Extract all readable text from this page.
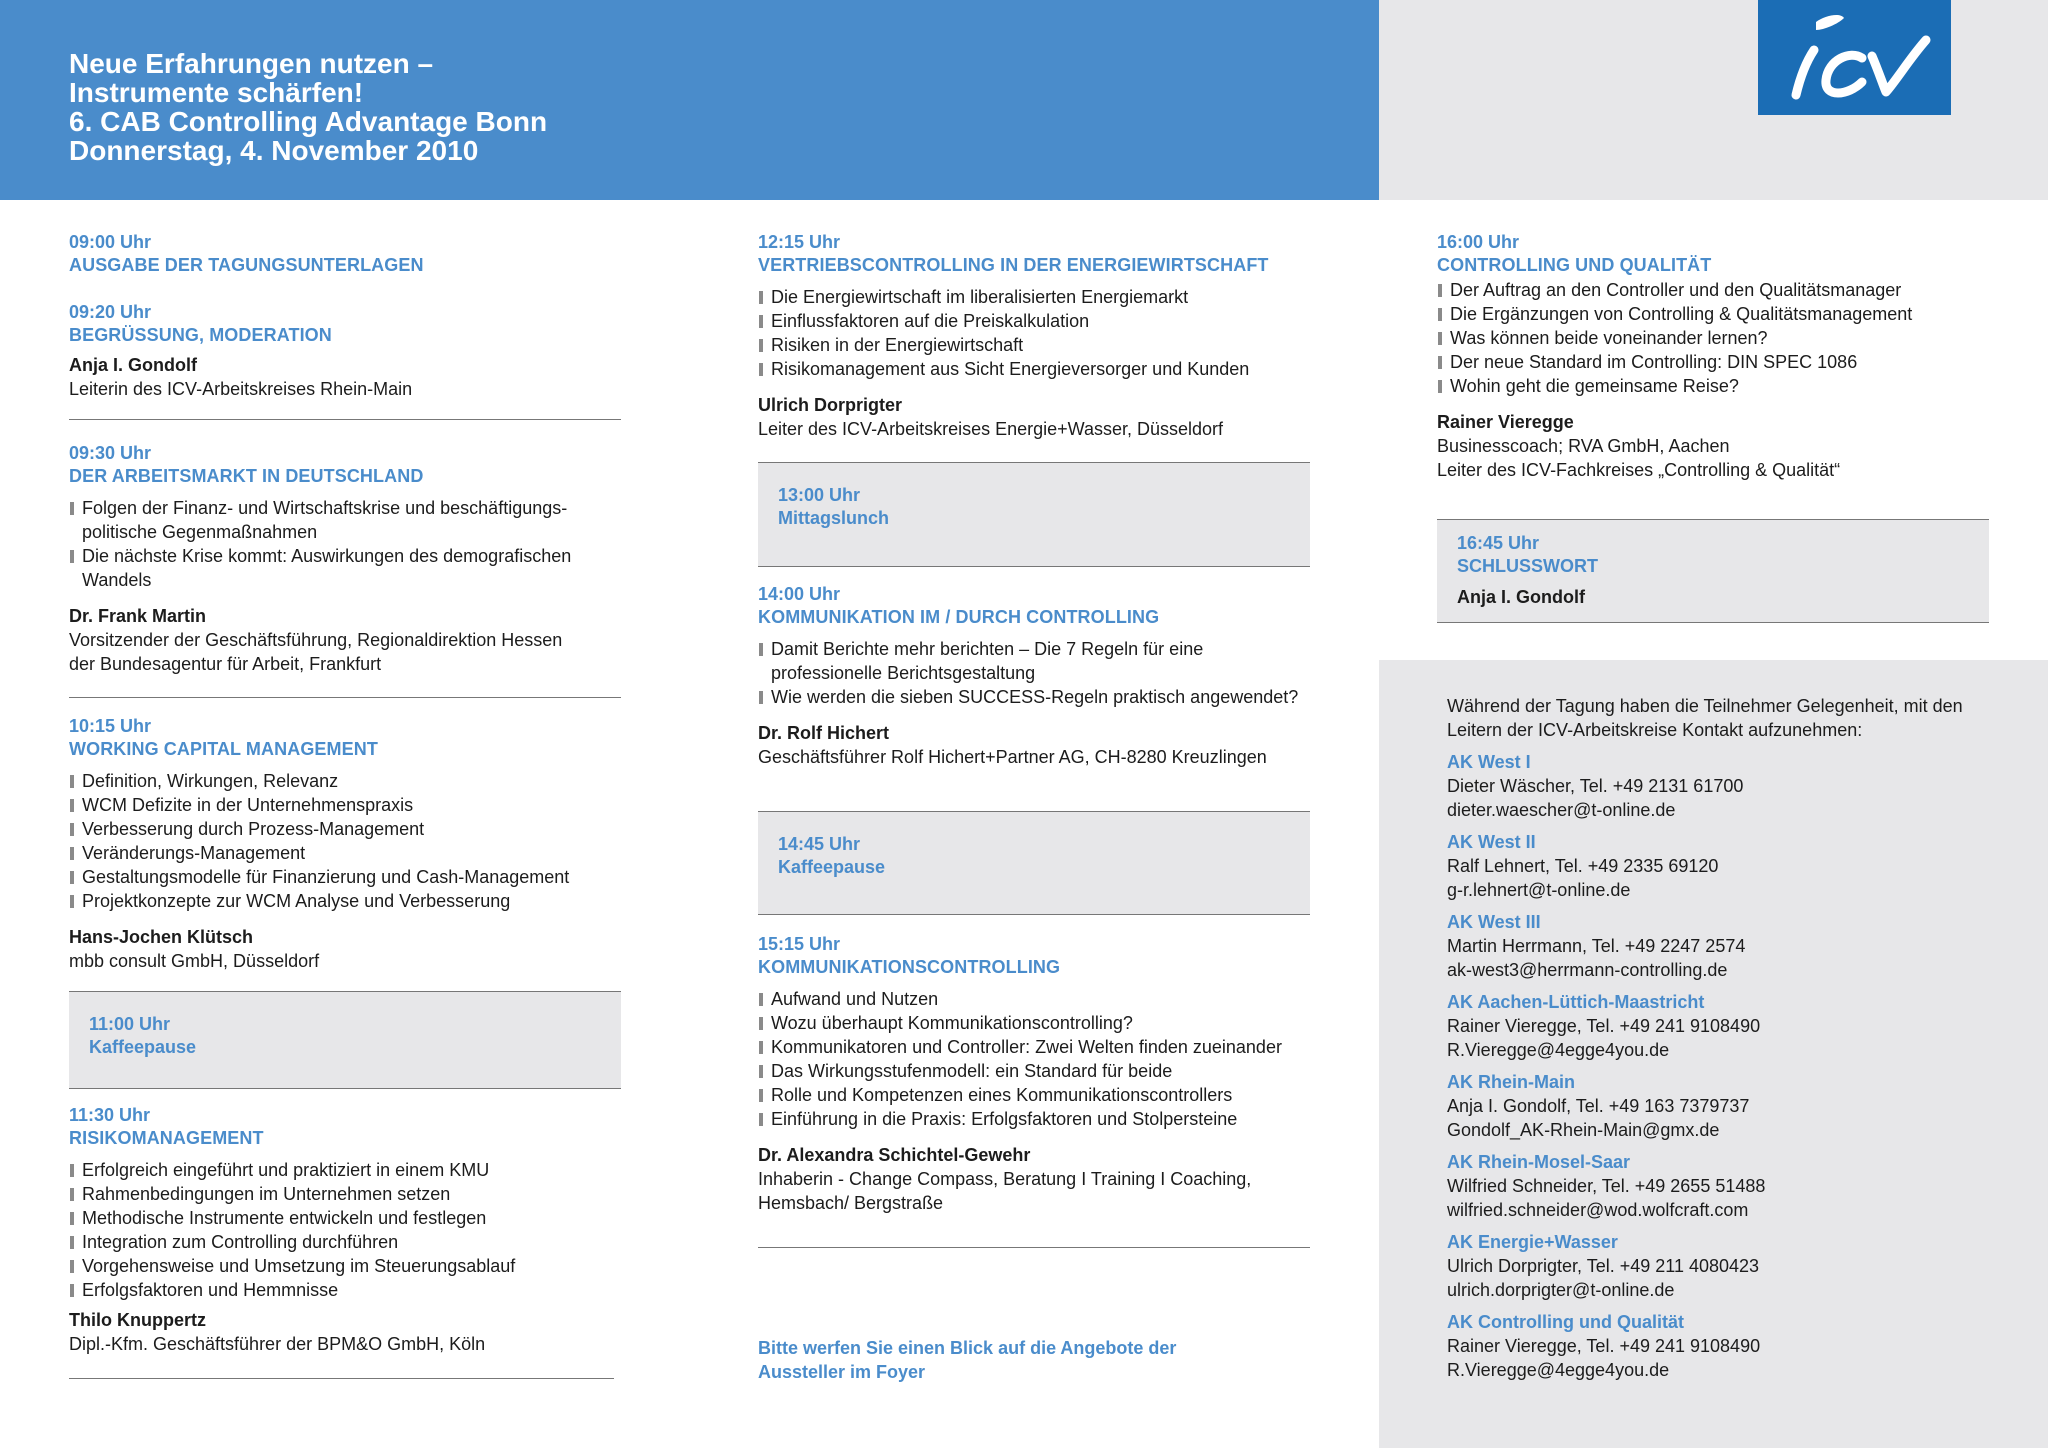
Neue Erfahrungen nutzen –
Instrumente schärfen!
6. CAB Controlling Advantage Bonn
Donnerstag, 4. November 2010
09:00 Uhr
AUSGABE DER TAGUNGSUNTERLAGEN
09:20 Uhr
BEGRÜSSUNG, MODERATION
Anja I. Gondolf
Leiterin des ICV-Arbeitskreises Rhein-Main
09:30 Uhr
DER ARBEITSMARKT IN DEUTSCHLAND
Folgen der Finanz- und Wirtschaftskrise und beschäftigungs-politische Gegenmaßnahmen
Die nächste Krise kommt: Auswirkungen des demografischen Wandels
Dr. Frank Martin
Vorsitzender der Geschäftsführung, Regionaldirektion Hessen
der Bundesagentur für Arbeit, Frankfurt
10:15 Uhr
WORKING CAPITAL MANAGEMENT
Definition, Wirkungen, Relevanz
WCM Defizite in der Unternehmenspraxis
Verbesserung durch Prozess-Management
Veränderungs-Management
Gestaltungsmodelle für Finanzierung und Cash-Management
Projektkonzepte zur WCM Analyse und Verbesserung
Hans-Jochen Klütsch
mbb consult GmbH, Düsseldorf
11:00 Uhr
Kaffeepause
11:30 Uhr
RISIKOMANAGEMENT
Erfolgreich eingeführt und praktiziert in einem KMU
Rahmenbedingungen im Unternehmen setzen
Methodische Instrumente entwickeln und festlegen
Integration zum Controlling durchführen
Vorgehensweise und Umsetzung im Steuerungsablauf
Erfolgsfaktoren und Hemmnisse
Thilo Knuppertz
Dipl.-Kfm. Geschäftsführer der BPM&O GmbH, Köln
12:15 Uhr
VERTRIEBSCONTROLLING IN DER ENERGIEWIRTSCHAFT
Die Energiewirtschaft im liberalisierten Energiemarkt
Einflussfaktoren auf die Preiskalkulation
Risiken in der Energiewirtschaft
Risikomanagement aus Sicht Energieversorger und Kunden
Ulrich Dorprigter
Leiter des ICV-Arbeitskreises Energie+Wasser, Düsseldorf
13:00 Uhr
Mittagslunch
14:00 Uhr
KOMMUNIKATION IM / DURCH CONTROLLING
Damit Berichte mehr berichten – Die 7 Regeln für eine professionelle Berichtsgestaltung
Wie werden die sieben SUCCESS-Regeln praktisch angewendet?
Dr. Rolf Hichert
Geschäftsführer Rolf Hichert+Partner AG, CH-8280 Kreuzlingen
14:45 Uhr
Kaffeepause
15:15 Uhr
KOMMUNIKATIONSCONTROLLING
Aufwand und Nutzen
Wozu überhaupt Kommunikationscontrolling?
Kommunikatoren und Controller: Zwei Welten finden zueinander
Das Wirkungsstufenmodell: ein Standard für beide
Rolle und Kompetenzen eines Kommunikationscontrollers
Einführung in die Praxis: Erfolgsfaktoren und Stolpersteine
Dr. Alexandra Schichtel-Gewehr
Inhaberin - Change Compass, Beratung I Training I Coaching,
Hemsbach/ Bergstraße
Bitte werfen Sie einen Blick auf die Angebote der
Aussteller im Foyer
16:00 Uhr
CONTROLLING UND QUALITÄT
Der Auftrag an den Controller und den Qualitätsmanager
Die Ergänzungen von Controlling & Qualitätsmanagement
Was können beide voneinander lernen?
Der neue Standard im Controlling: DIN SPEC 1086
Wohin geht die gemeinsame Reise?
Rainer Vieregge
Businesscoach; RVA GmbH, Aachen
Leiter des ICV-Fachkreises „Controlling & Qualität“
16:45 Uhr
SCHLUSSWORT
Anja I. Gondolf
Während der Tagung haben die Teilnehmer Gelegenheit, mit den Leitern der ICV-Arbeitskreise Kontakt aufzunehmen:
AK West I
Dieter Wäscher, Tel. +49 2131 61700
dieter.waescher@t-online.de
AK West II
Ralf Lehnert, Tel. +49 2335 69120
g-r.lehnert@t-online.de
AK West III
Martin Herrmann, Tel. +49 2247 2574
ak-west3@herrmann-controlling.de
AK Aachen-Lüttich-Maastricht
Rainer Vieregge, Tel. +49 241 9108490
R.Vieregge@4egge4you.de
AK Rhein-Main
Anja I. Gondolf, Tel. +49 163 7379737
Gondolf_AK-Rhein-Main@gmx.de
AK Rhein-Mosel-Saar
Wilfried Schneider, Tel. +49 2655 51488
wilfried.schneider@wod.wolfcraft.com
AK Energie+Wasser
Ulrich Dorprigter, Tel. +49 211 4080423
ulrich.dorprigter@t-online.de
AK Controlling und Qualität
Rainer Vieregge, Tel. +49 241 9108490
R.Vieregge@4egge4you.de
